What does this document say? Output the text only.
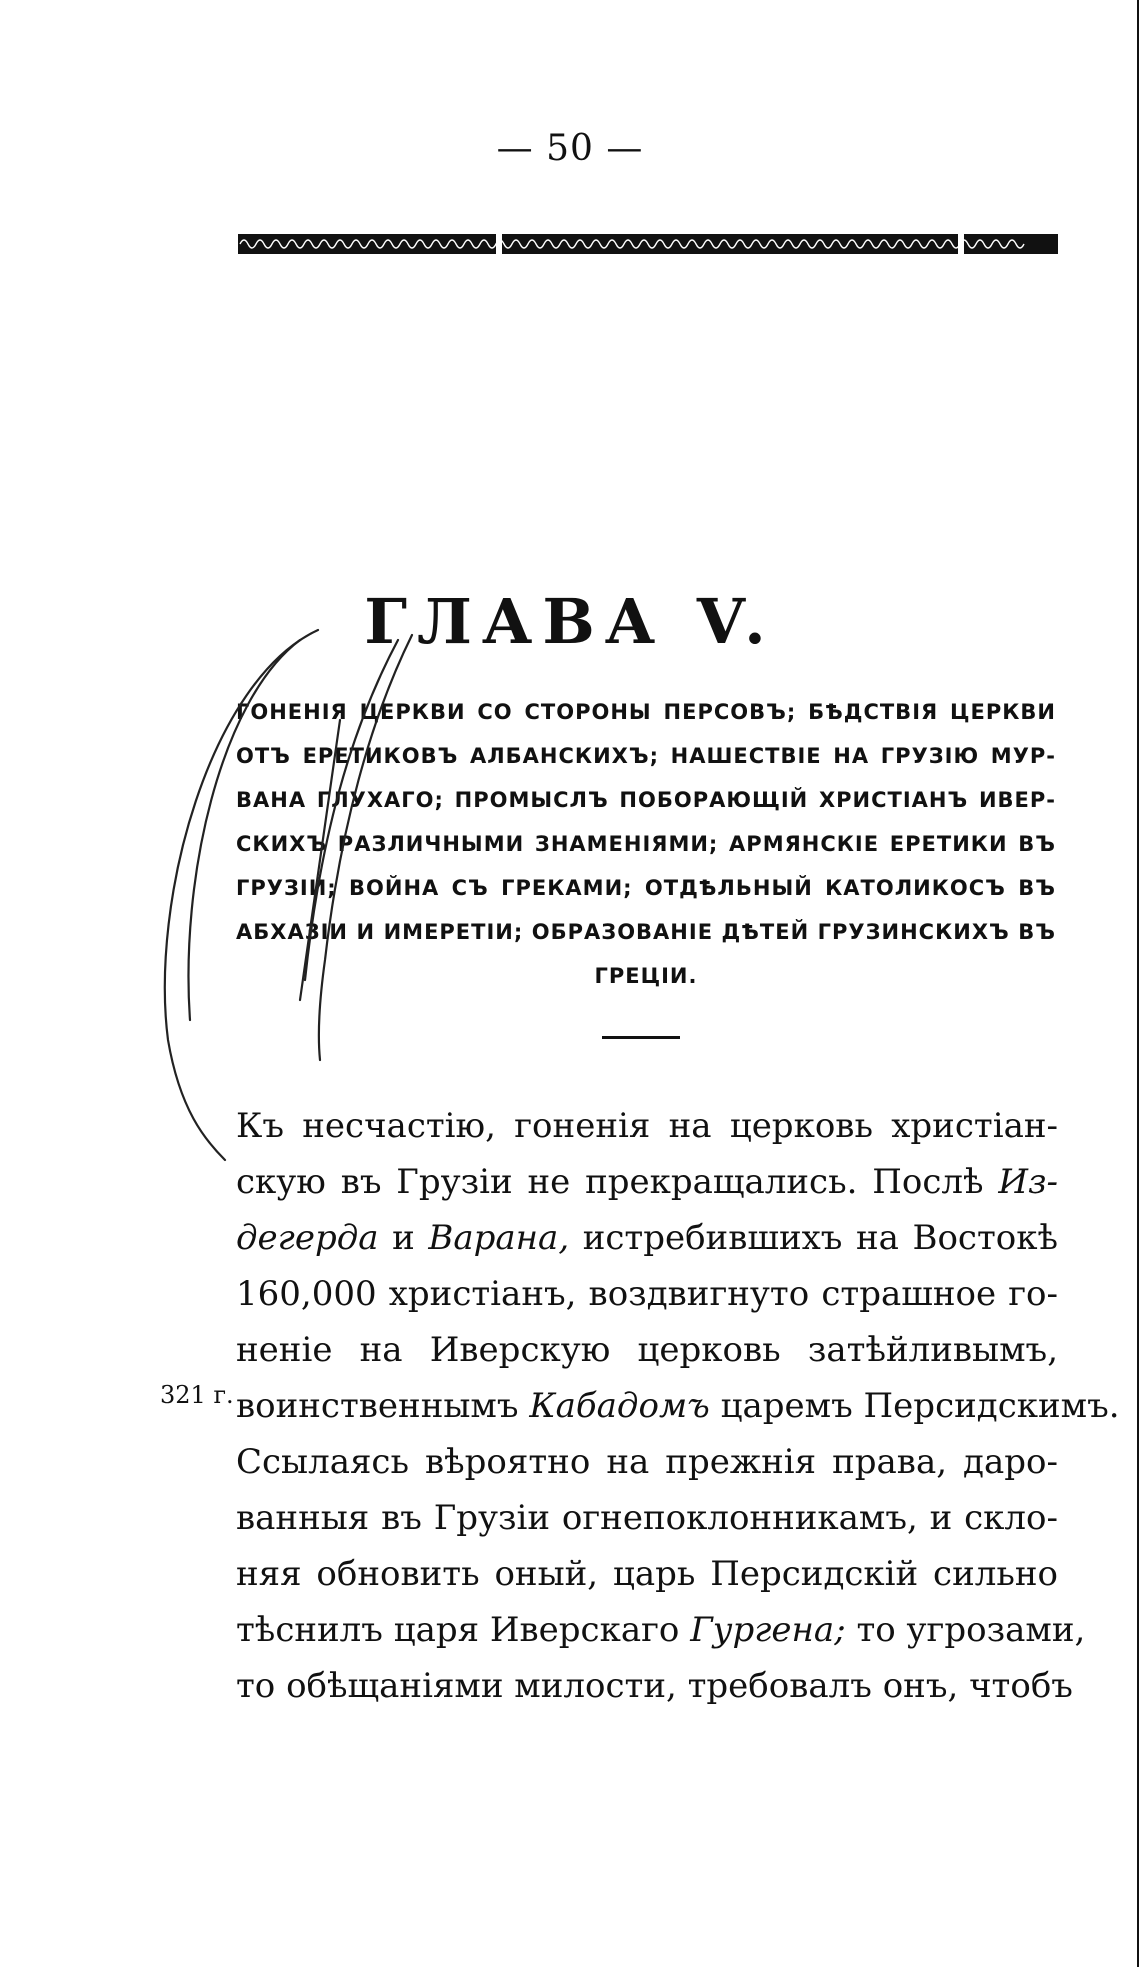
— 50 —
ГЛАВА V.
ГОНЕНІЯ ЦЕРКВИ СО СТОРОНЫ ПЕРСОВЪ; БѢДСТВІЯ ЦЕРКВИ
ОТЪ ЕРЕТИКОВЪ АЛБАНСКИХЪ; НАШЕСТВІЕ НА ГРУЗІЮ МУР-
ВАНА ГЛУХАГО; ПРОМЫСЛЪ ПОБОРАЮЩІЙ ХРИСТІАНЪ ИВЕР-
СКИХЪ РАЗЛИЧНЫМИ ЗНАМЕНІЯМИ; АРМЯНСКІЕ ЕРЕТИКИ ВЪ
ГРУЗІИ; ВОЙНА СЪ ГРЕКАМИ; ОТДѢЛЬНЫЙ КАТОЛИКОСЪ ВЪ
АБХАЗІИ И ИМЕРЕТІИ; ОБРАЗОВАНІЕ ДѢТЕЙ ГРУЗИНСКИХЪ ВЪ
ГРЕЦІИ.
Къ несчастію, гоненія на церковь христіан-
скую въ Грузіи не прекращались. Послѣ Из-
дегерда и Варана, истребившихъ на Востокѣ
160,000 христіанъ, воздвигнуто страшное го-
неніе на Иверскую церковь затѣйливымъ,
воинственнымъ Кабадомъ царемъ Персидскимъ.
Ссылаясь вѣроятно на прежнія права, даро-
ванныя въ Грузіи огнепоклонникамъ, и скло-
няя обновить оный, царь Персидскій сильно
тѣснилъ царя Иверскаго Гургена; то угрозами,
то обѣщаніями милости, требовалъ онъ, чтобъ
321 г.
